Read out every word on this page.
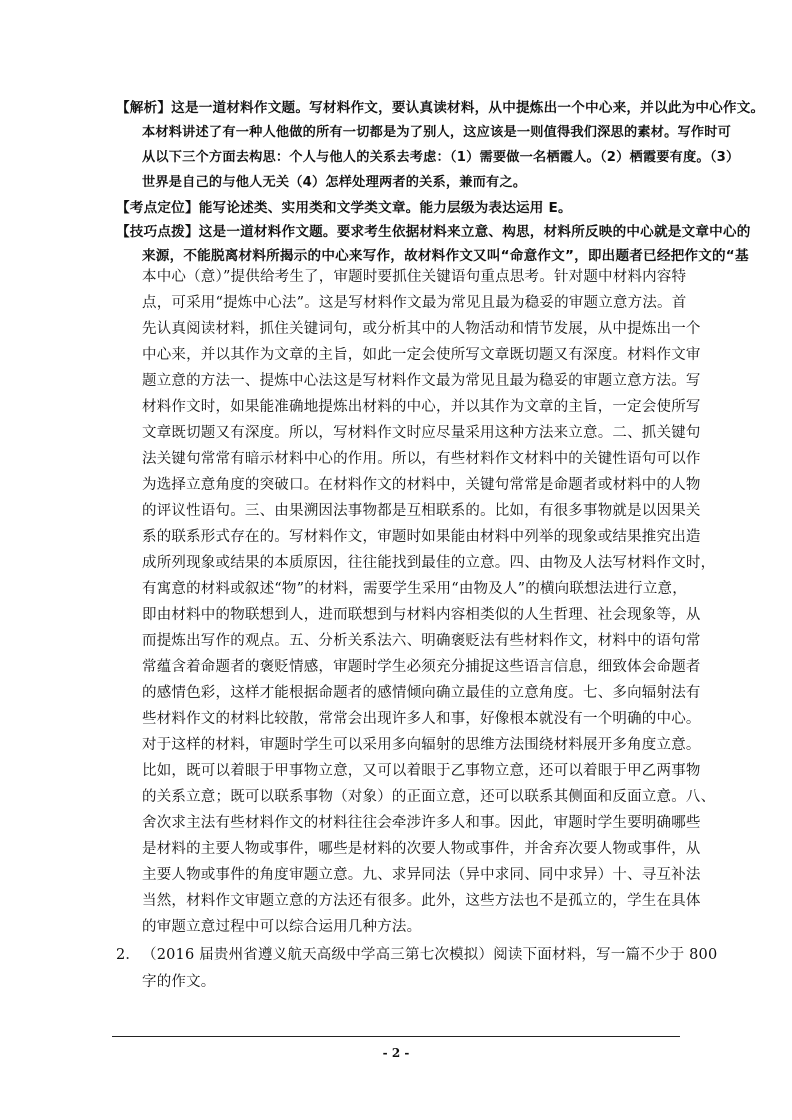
【解析】这是一道材料作文题。写材料作文，要认真读材料，从中提炼出一个中心来，并以此为中心作文。
本材料讲述了有一种人他做的所有一切都是为了别人，这应该是一则值得我们深思的素材。写作时可
从以下三个方面去构思：个人与他人的关系去考虑：（1）需要做一名栖霞人。（2）栖霞要有度。（3）
世界是自己的与他人无关（4）怎样处理两者的关系，兼而有之。
【考点定位】能写论述类、实用类和文学类文章。能力层级为表达运用 E。
【技巧点拨】这是一道材料作文题。要求考生依据材料来立意、构思，材料所反映的中心就是文章中心的
来源，不能脱离材料所揭示的中心来写作，故材料作文又叫“命意作文”，即出题者已经把作文的“基
本中心（意）”提供给考生了，审题时要抓住关键语句重点思考。针对题中材料内容特
点，可采用“提炼中心法”。这是写材料作文最为常见且最为稳妥的审题立意方法。首
先认真阅读材料，抓住关键词句，或分析其中的人物活动和情节发展，从中提炼出一个
中心来，并以其作为文章的主旨，如此一定会使所写文章既切题又有深度。材料作文审
题立意的方法一、提炼中心法这是写材料作文最为常见且最为稳妥的审题立意方法。写
材料作文时，如果能准确地提炼出材料的中心，并以其作为文章的主旨，一定会使所写
文章既切题又有深度。所以，写材料作文时应尽量采用这种方法来立意。二、抓关键句
法关键句常常有暗示材料中心的作用。所以，有些材料作文材料中的关键性语句可以作
为选择立意角度的突破口。在材料作文的材料中，关键句常常是命题者或材料中的人物
的评议性语句。三、由果溯因法事物都是互相联系的。比如，有很多事物就是以因果关
系的联系形式存在的。写材料作文，审题时如果能由材料中列举的现象或结果推究出造
成所列现象或结果的本质原因，往往能找到最佳的立意。四、由物及人法写材料作文时，
有寓意的材料或叙述“物”的材料，需要学生采用“由物及人”的横向联想法进行立意，
即由材料中的物联想到人，进而联想到与材料内容相类似的人生哲理、社会现象等，从
而提炼出写作的观点。五、分析关系法六、明确褒贬法有些材料作文，材料中的语句常
常蕴含着命题者的褒贬情感，审题时学生必须充分捕捉这些语言信息，细致体会命题者
的感情色彩，这样才能根据命题者的感情倾向确立最佳的立意角度。七、多向辐射法有
些材料作文的材料比较散，常常会出现许多人和事，好像根本就没有一个明确的中心。
对于这样的材料，审题时学生可以采用多向辐射的思维方法围绕材料展开多角度立意。
比如，既可以着眼于甲事物立意，又可以着眼于乙事物立意，还可以着眼于甲乙两事物
的关系立意；既可以联系事物（对象）的正面立意，还可以联系其侧面和反面立意。八、
舍次求主法有些材料作文的材料往往会牵涉许多人和事。因此，审题时学生要明确哪些
是材料的主要人物或事件，哪些是材料的次要人物或事件，并舍弃次要人物或事件，从
主要人物或事件的角度审题立意。九、求异同法（异中求同、同中求异）十、寻互补法
当然，材料作文审题立意的方法还有很多。此外，这些方法也不是孤立的，学生在具体
的审题立意过程中可以综合运用几种方法。
2． （2016 届贵州省遵义航天高级中学高三第七次模拟）阅读下面材料，写一篇不少于 800
字的作文。
- 2 -
